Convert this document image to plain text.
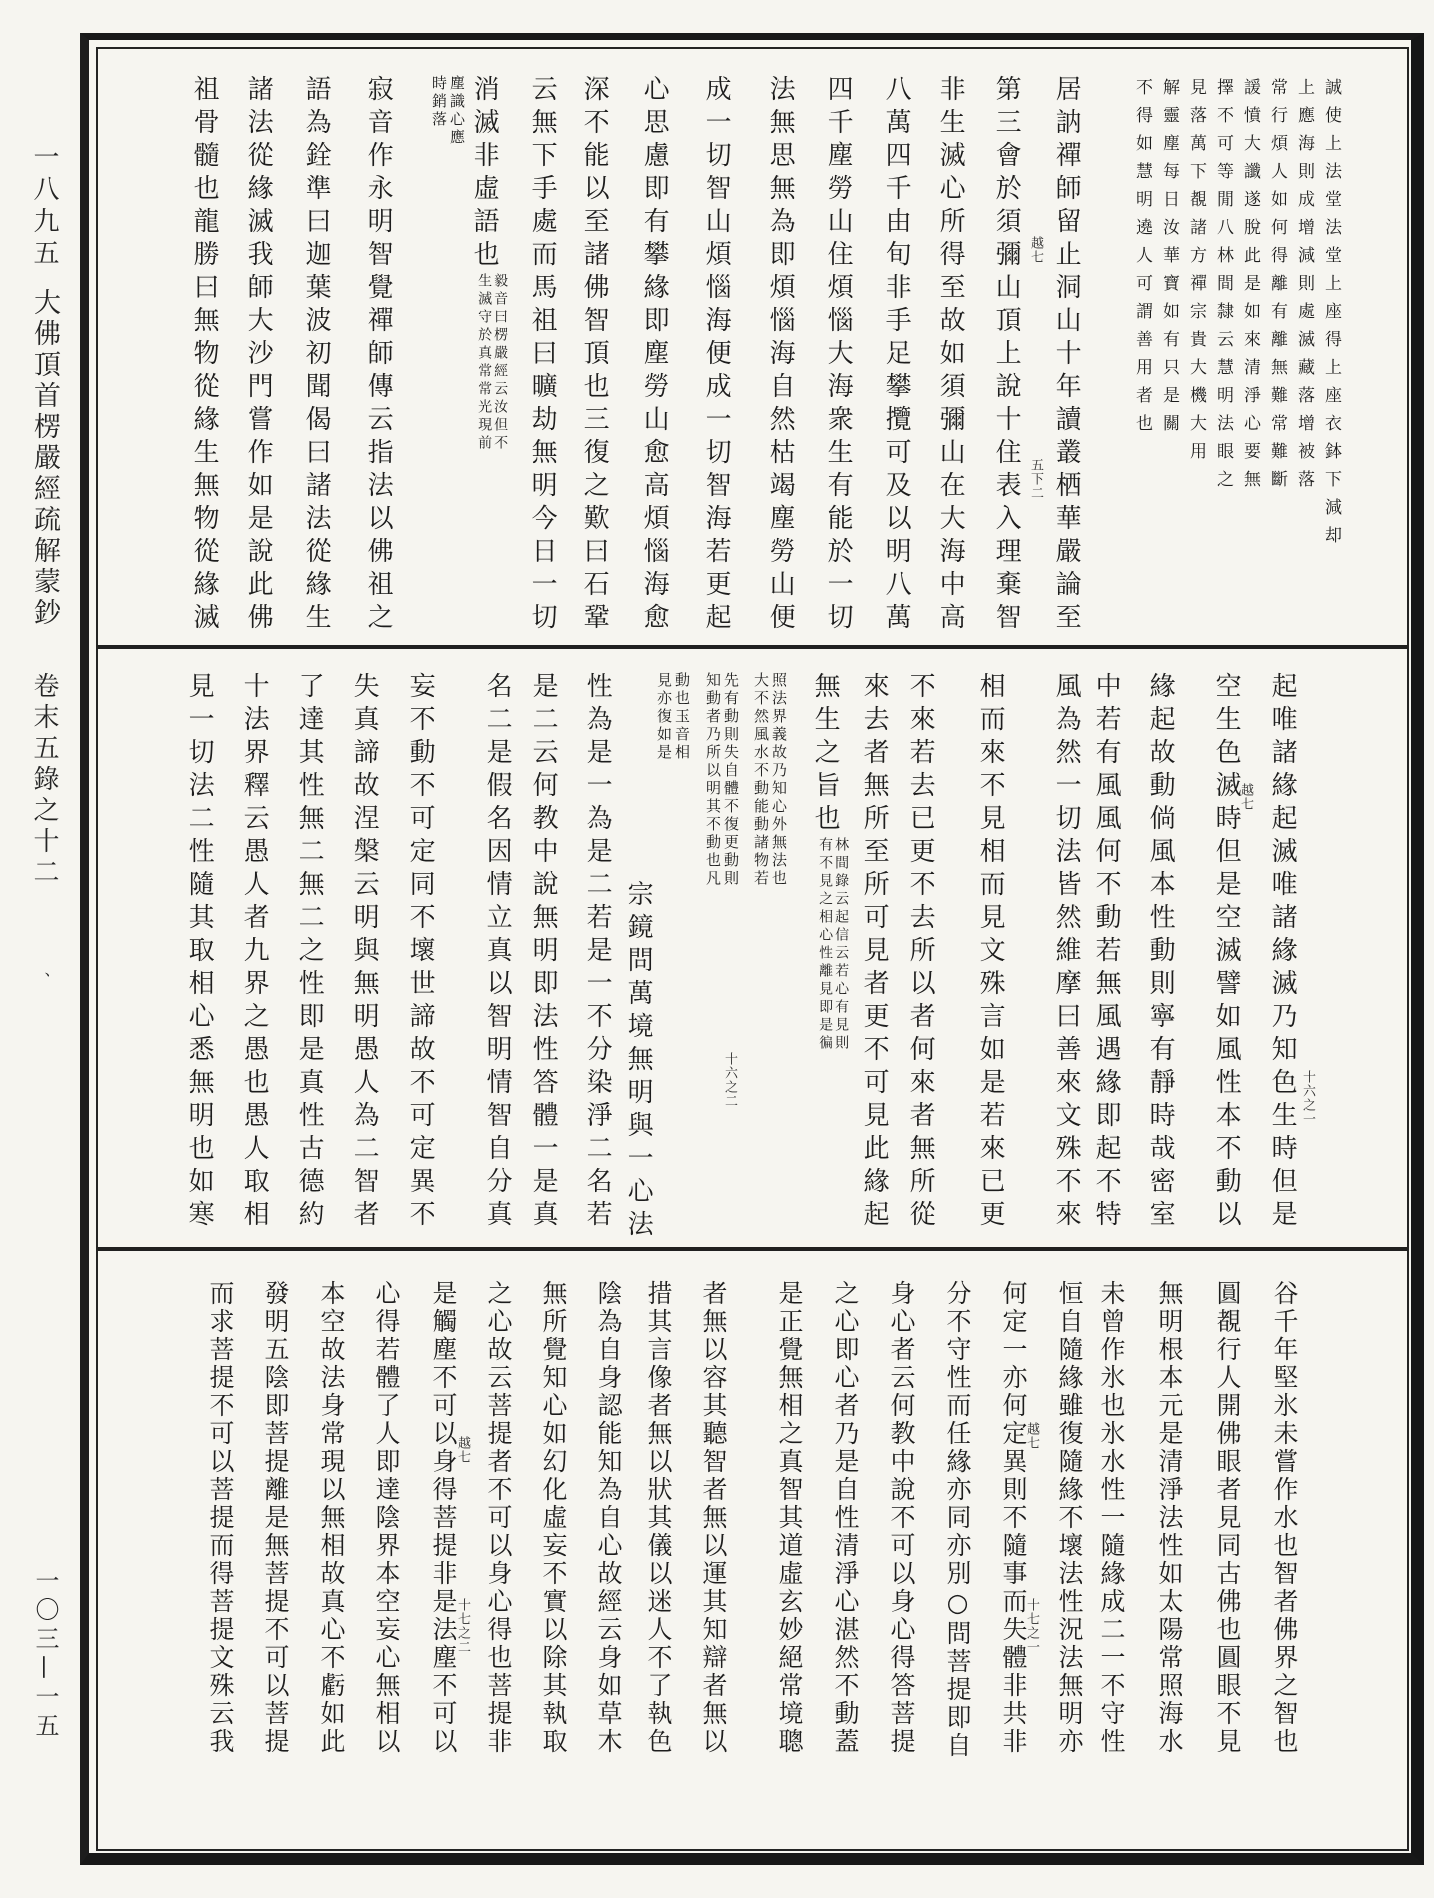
一八九五
大佛頂首楞嚴經疏解蒙鈔
卷末五錄之十二
、
一〇三—一五
誠使上法堂法堂上座得上座衣鉢下減却
上應海則成增減則處滅藏落增被落
常行煩人如何得離有離無難常難斷
諼憤大讖遂脫此是如來清淨心要無
擇不可等閒八林間隸云慧明法眼之
見落萬下覩諸方禪宗貴大機大用
解靈塵每日汝華寶如有只是關
不得如慧明遶人可謂善用者也
居訥禪師留止洞山十年讀叢栖華嚴論至
越七
五下二
第三會於須彌山頂上說十住表入理棄智
非生滅心所得至故如須彌山在大海中高
八萬四千由旬非手足攀攬可及以明八萬
四千塵勞山住煩惱大海衆生有能於一切
法無思無為即煩惱海自然枯竭塵勞山便
成一切智山煩惱海便成一切智海若更起
心思慮即有攀緣即塵勞山愈高煩惱海愈
深不能以至諸佛智頂也三復之歎曰石鞏
云無下手處而馬祖曰曠劫無明今日一切
消滅非虛語也毅音曰楞嚴經云汝但不
生滅守於真常常光現前
塵識心應
時銷落
寂音作永明智覺禪師傳云指法以佛祖之
語為銓準曰迦葉波初聞偈曰諸法從緣生
諸法從緣滅我師大沙門嘗作如是說此佛
祖骨髓也龍勝曰無物從緣生無物從緣滅
十六之一
起唯諸緣起滅唯諸緣滅乃知色生時但是
越七
空生色滅時但是空滅譬如風性本不動以
緣起故動倘風本性動則寧有靜時哉密室
中若有風風何不動若無風遇緣即起不特
風為然一切法皆然維摩曰善來文殊不來
相而來不見相而見文殊言如是若來已更
不來若去已更不去所以者何來者無所從
來去者無所至所可見者更不可見此緣起
無生之旨也林間錄云起信云若心有見則
有不見之相心性離見即是徧
照法界義故乃知心外無法也
大不然風水不動能動諸物若
先有動則失自體不復更動則
知動者乃所以明其不動也凡
十六之二
動也玉音相
見亦復如是
宗鏡問萬境無明與一心法
性為是一為是二若是一不分染淨二名若
是二云何教中說無明即法性答體一是真
名二是假名因情立真以智明情智自分真
妄不動不可定同不壞世諦故不可定異不
失真諦故涅槃云明與無明愚人為二智者
了達其性無二無二之性即是真性古德約
十法界釋云愚人者九界之愚也愚人取相
見一切法二性隨其取相心悉無明也如寒
谷千年堅氷未嘗作水也智者佛界之智也
圓覩行人開佛眼者見同古佛也圓眼不見
無明根本元是清淨法性如太陽常照海水
未曾作氷也氷水性一隨緣成二一不守性
恒自隨緣雖復隨緣不壞法性況法無明亦
越七
十七之一
何定一亦何定異則不隨事而失體非共非
分不守性而任緣亦同亦別○問菩提即自
身心者云何教中說不可以身心得答菩提
之心即心者乃是自性清淨心湛然不動蓋
是正覺無相之真智其道虛玄妙絕常境聰
者無以容其聽智者無以運其知辯者無以
措其言像者無以狀其儀以迷人不了執色
陰為自身認能知為自心故經云身如草木
無所覺知心如幻化虛妄不實以除其執取
之心故云菩提者不可以身心得也菩提非
越七
十七之二
是觸塵不可以身得菩提非是法塵不可以
心得若體了人即達陰界本空妄心無相以
本空故法身常現以無相故真心不虧如此
發明五陰即菩提離是無菩提不可以菩提
而求菩提不可以菩提而得菩提文殊云我
